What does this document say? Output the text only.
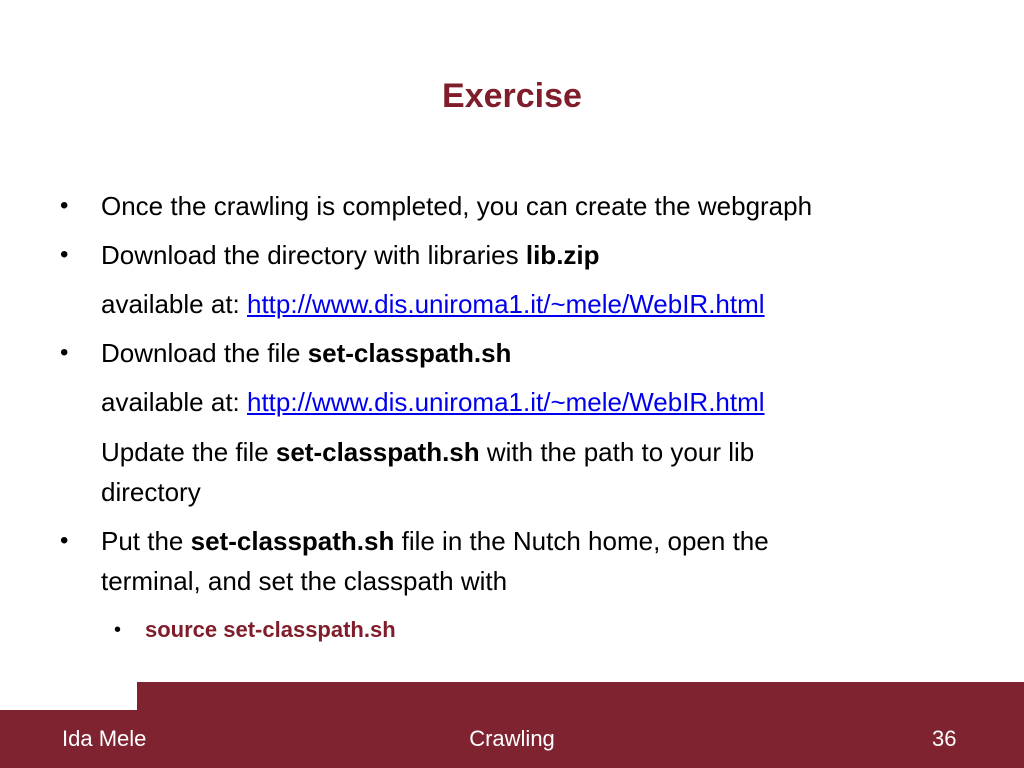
Exercise
• Once the crawling is completed, you can create the webgraph
• Download the directory with libraries lib.zip
available at: http://www.dis.uniroma1.it/~mele/WebIR.html
• Download the file set-classpath.sh
available at: http://www.dis.uniroma1.it/~mele/WebIR.html
Update the file set-classpath.sh with the path to your lib
directory
• Put the set-classpath.sh file in the Nutch home, open the
terminal, and set the classpath with
• source set-classpath.sh
Ida Mele	Crawling	36
